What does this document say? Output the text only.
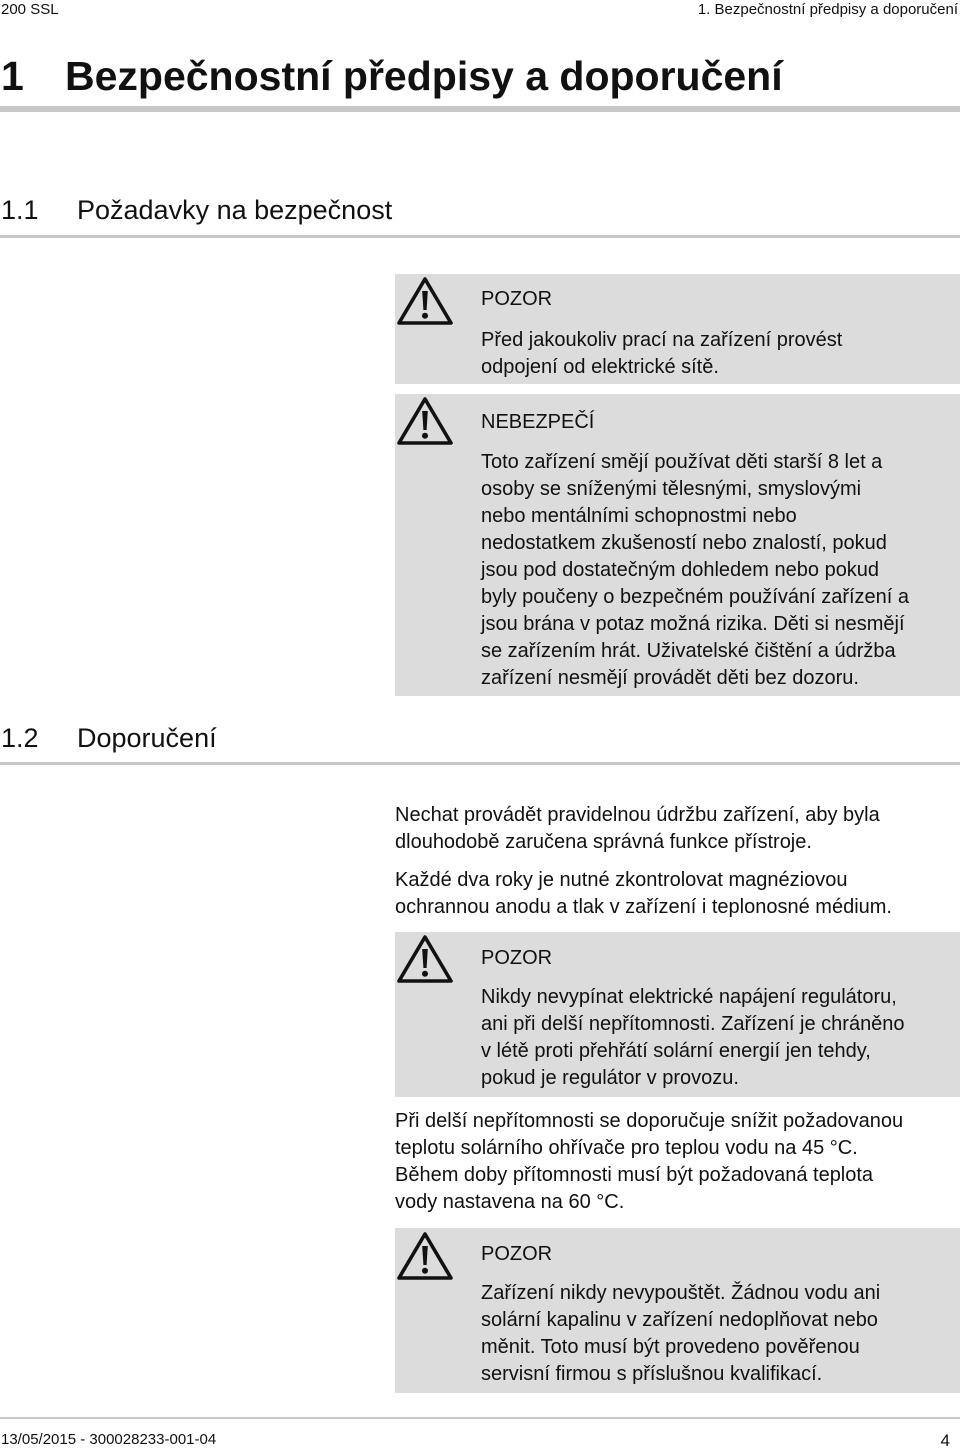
200 SSL	1. Bezpečnostní předpisy a doporučení
1 Bezpečnostní předpisy a doporučení
1.1 Požadavky na bezpečnost
POZOR
Před jakoukoliv prací na zařízení provést
odpojení od elektrické sítě.
NEBEZPEČÍ
Toto zařízení smějí používat děti starší 8 let a
osoby se sníženými tělesnými, smyslovými
nebo mentálními schopnostmi nebo
nedostatkem zkušeností nebo znalostí, pokud
jsou pod dostatečným dohledem nebo pokud
byly poučeny o bezpečném používání zařízení a
jsou brána v potaz možná rizika. Děti si nesmějí
se zařízením hrát. Uživatelské čištění a údržba
zařízení nesmějí provádět děti bez dozoru.
1.2 Doporučení
Nechat provádět pravidelnou údržbu zařízení, aby byla
dlouhodobě zaručena správná funkce přístroje.
Každé dva roky je nutné zkontrolovat magnéziovou
ochrannou anodu a tlak v zařízení i teplonosné médium.
POZOR
Nikdy nevypínat elektrické napájení regulátoru,
ani při delší nepřítomnosti. Zařízení je chráněno
v létě proti přehřátí solární energií jen tehdy,
pokud je regulátor v provozu.
Při delší nepřítomnosti se doporučuje snížit požadovanou
teplotu solárního ohřívače pro teplou vodu na 45 °C.
Během doby přítomnosti musí být požadovaná teplota
vody nastavena na 60 °C.
POZOR
Zařízení nikdy nevypouštět. Žádnou vodu ani
solární kapalinu v zařízení nedoplňovat nebo
měnit. Toto musí být provedeno pověřenou
servisní firmou s příslušnou kvalifikací.
13/05/2015 - 300028233-001-04	4
